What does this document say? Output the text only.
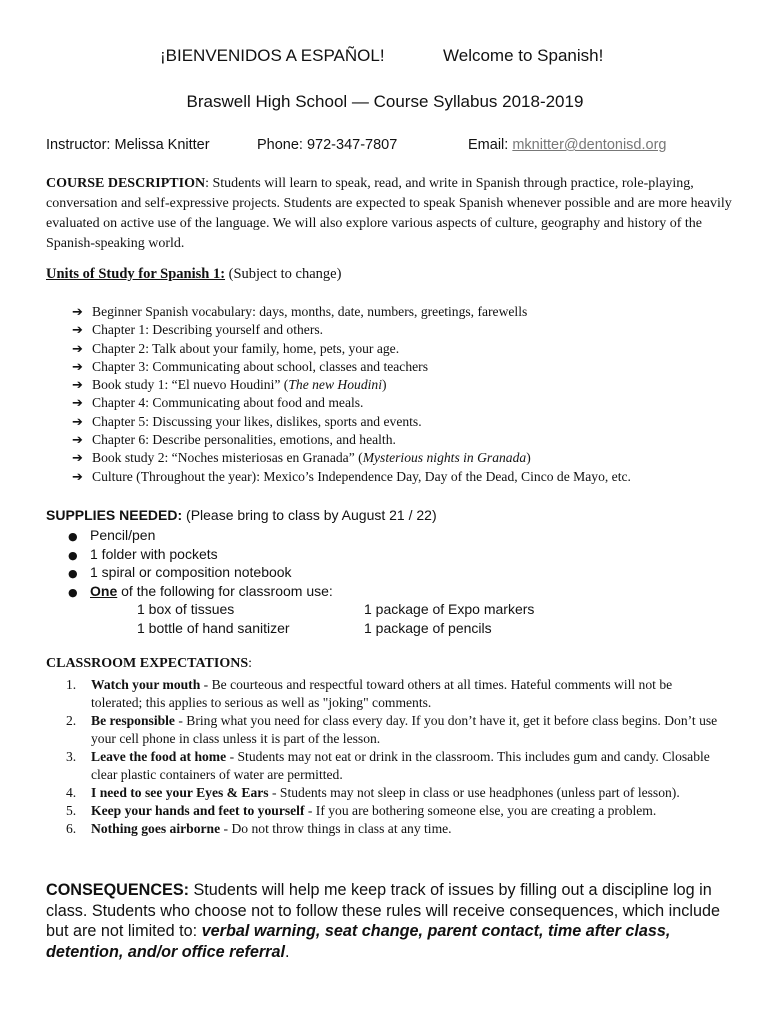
¡BIENVENIDOS A ESPAÑOL!	Welcome to Spanish!
Braswell High School — Course Syllabus 2018-2019
Instructor: Melissa Knitter	Phone: 972-347-7807	Email: mknitter@dentonisd.org
COURSE DESCRIPTION: Students will learn to speak, read, and write in Spanish through practice, role-playing, conversation and self-expressive projects. Students are expected to speak Spanish whenever possible and are more heavily evaluated on active use of the language. We will also explore various aspects of culture, geography and history of the Spanish-speaking world.
Units of Study for Spanish 1: (Subject to change)
➔ Beginner Spanish vocabulary: days, months, date, numbers, greetings, farewells
➔ Chapter 1: Describing yourself and others.
➔ Chapter 2: Talk about your family, home, pets, your age.
➔ Chapter 3: Communicating about school, classes and teachers
➔ Book study 1: “El nuevo Houdini” (The new Houdini)
➔ Chapter 4: Communicating about food and meals.
➔ Chapter 5: Discussing your likes, dislikes, sports and events.
➔ Chapter 6: Describe personalities, emotions, and health.
➔ Book study 2: “Noches misteriosas en Granada” (Mysterious nights in Granada)
➔ Culture (Throughout the year): Mexico’s Independence Day, Day of the Dead, Cinco de Mayo, etc.
SUPPLIES NEEDED: (Please bring to class by August 21 / 22)
● Pencil/pen
● 1 folder with pockets
● 1 spiral or composition notebook
● One of the following for classroom use:
1 box of tissues	1 package of Expo markers
1 bottle of hand sanitizer	1 package of pencils
CLASSROOM EXPECTATIONS:
1. Watch your mouth - Be courteous and respectful toward others at all times. Hateful comments will not be tolerated; this applies to serious as well as "joking" comments.
2. Be responsible - Bring what you need for class every day. If you don’t have it, get it before class begins. Don’t use your cell phone in class unless it is part of the lesson.
3. Leave the food at home - Students may not eat or drink in the classroom. This includes gum and candy. Closable clear plastic containers of water are permitted.
4. I need to see your Eyes & Ears - Students may not sleep in class or use headphones (unless part of lesson).
5. Keep your hands and feet to yourself - If you are bothering someone else, you are creating a problem.
6. Nothing goes airborne - Do not throw things in class at any time.
CONSEQUENCES: Students will help me keep track of issues by filling out a discipline log in class. Students who choose not to follow these rules will receive consequences, which include but are not limited to: verbal warning, seat change, parent contact, time after class, detention, and/or office referral.
